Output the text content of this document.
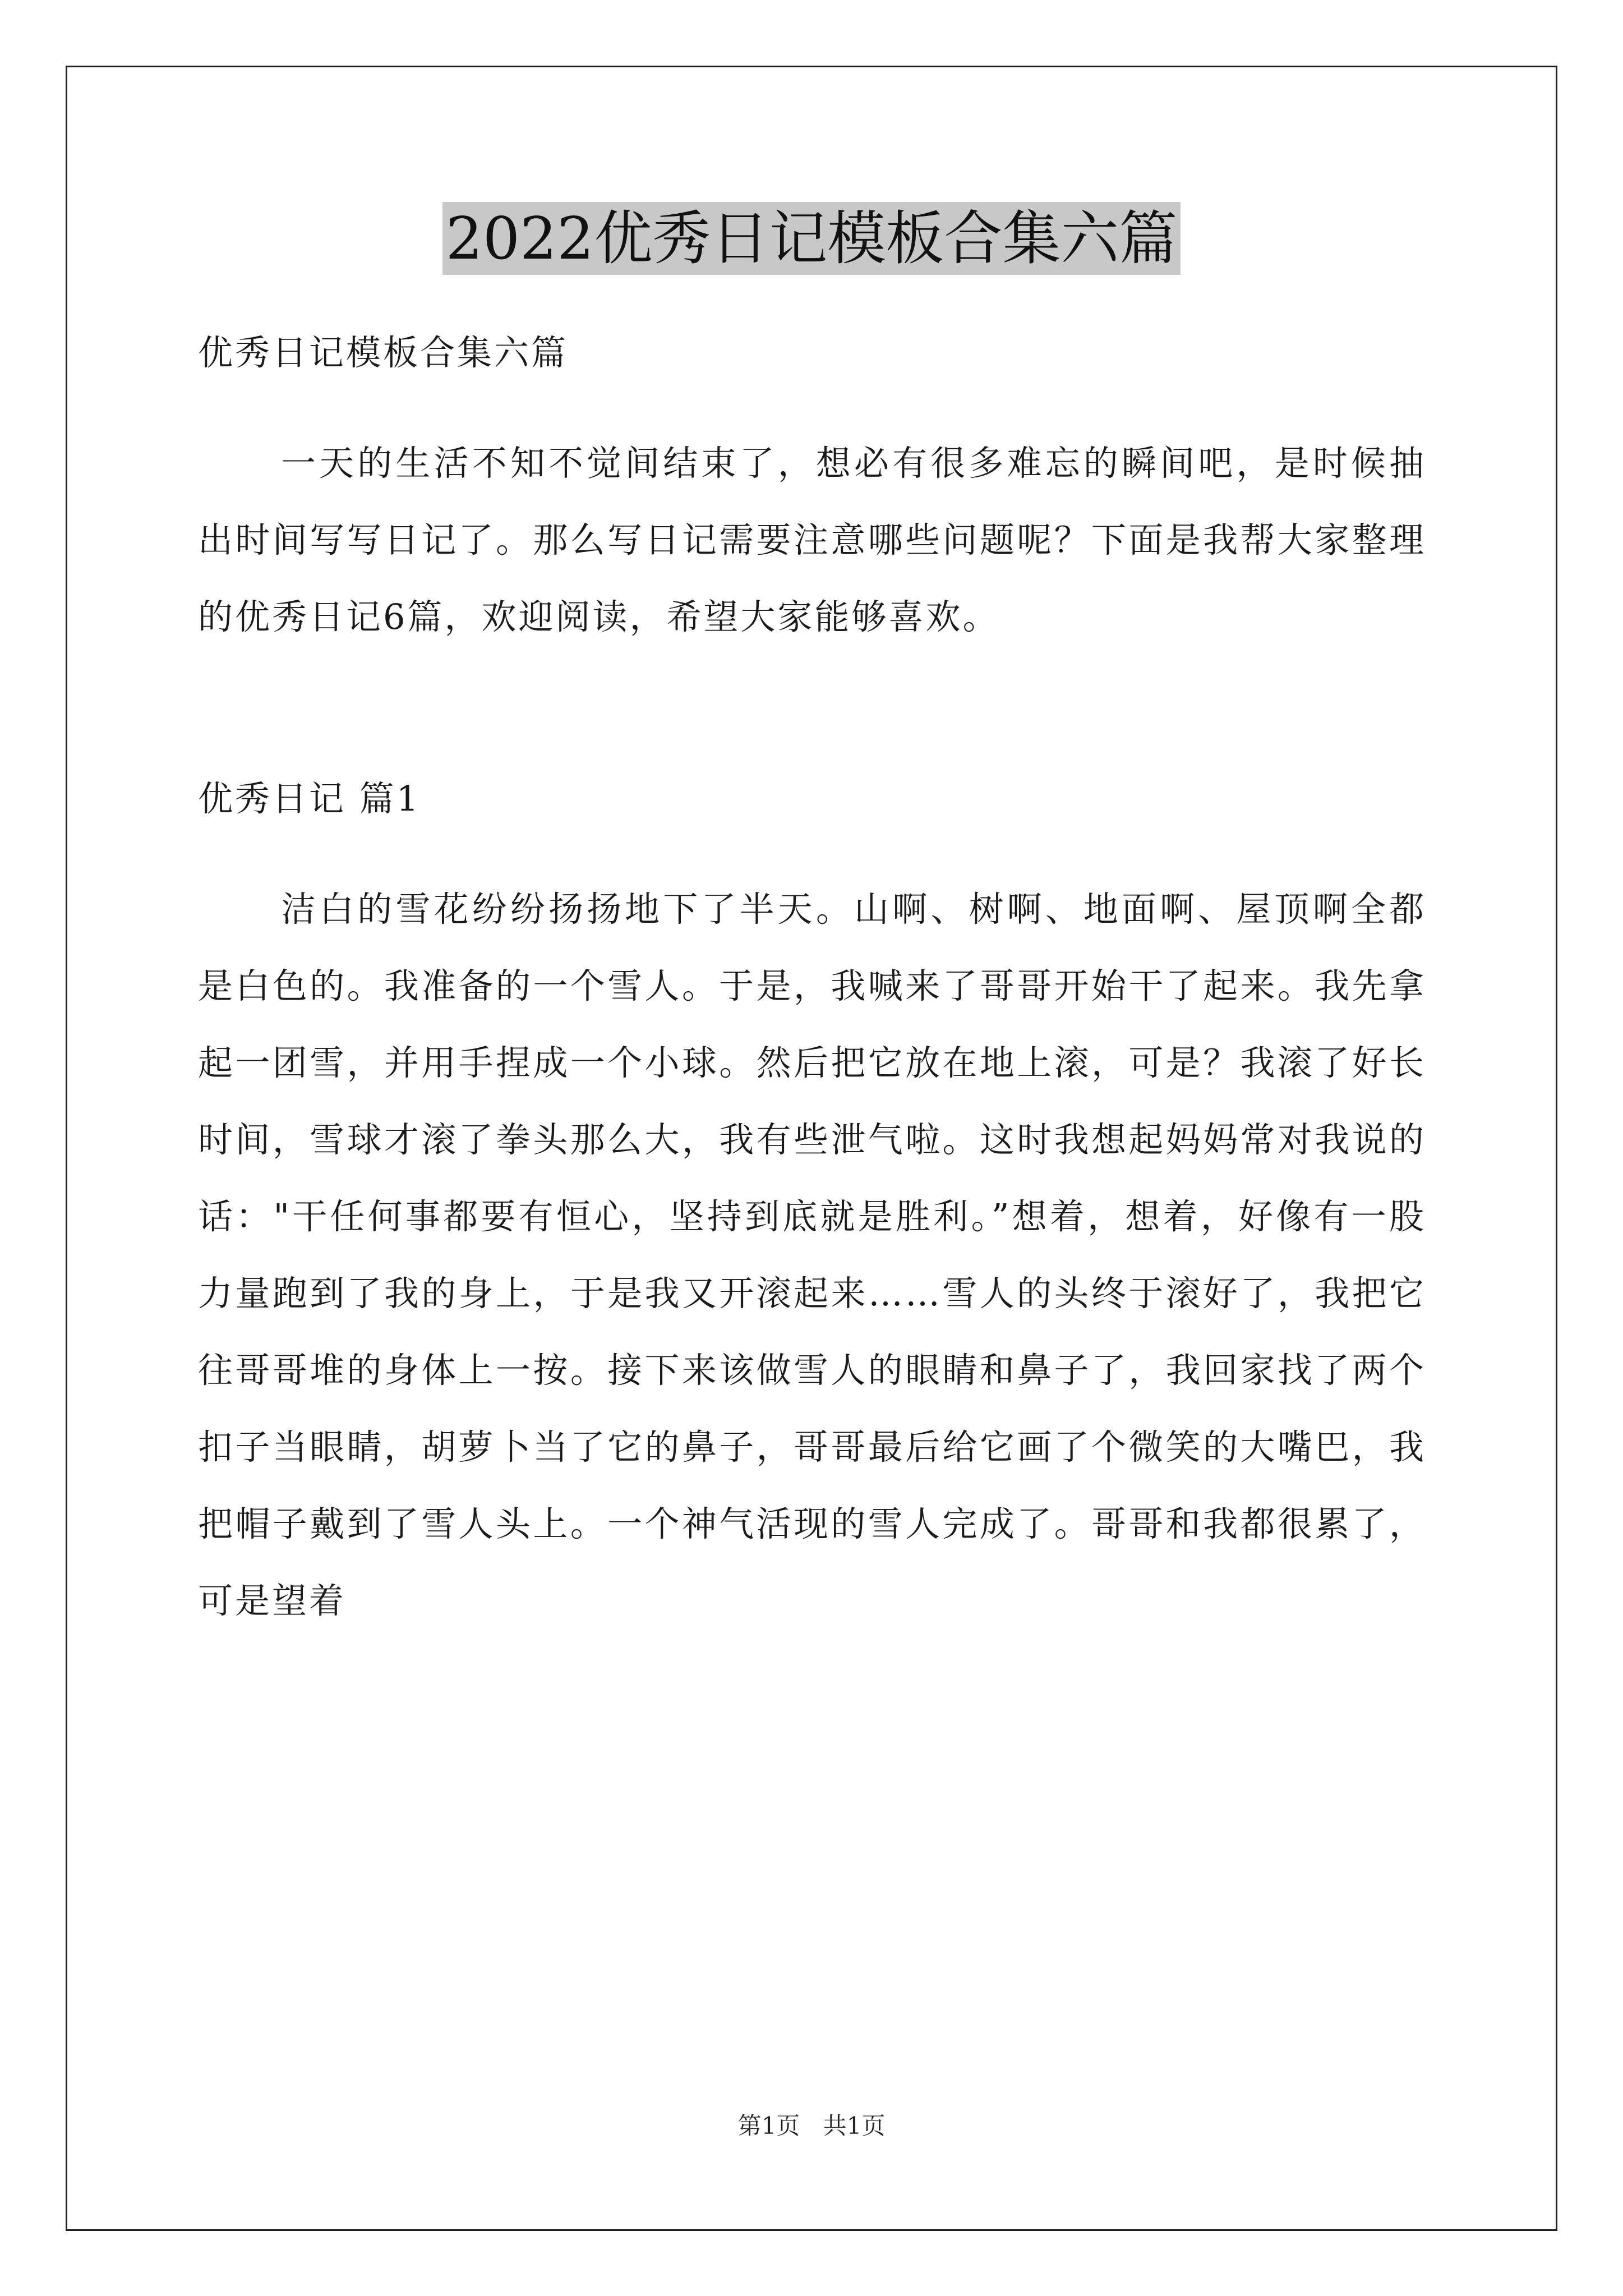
2022优秀日记模板合集六篇

优秀日记模板合集六篇

一天的生活不知不觉间结束了，想必有很多难忘的瞬间吧，是时候抽出时间写写日记了。那么写日记需要注意哪些问题呢？下面是我帮大家整理的优秀日记6篇，欢迎阅读，希望大家能够喜欢。

优秀日记 篇1

洁白的雪花纷纷扬扬地下了半天。山啊、树啊、地面啊、屋顶啊全都是白色的。我准备的一个雪人。于是，我喊来了哥哥开始干了起来。我先拿起一团雪，并用手捏成一个小球。然后把它放在地上滚，可是？我滚了好长时间，雪球才滚了拳头那么大，我有些泄气啦。这时我想起妈妈常对我说的话："干任何事都要有恒心，坚持到底就是胜利。”想着，想着，好像有一股力量跑到了我的身上，于是我又开滚起来……雪人的头终于滚好了，我把它往哥哥堆的身体上一按。接下来该做雪人的眼睛和鼻子了，我回家找了两个扣子当眼睛，胡萝卜当了它的鼻子，哥哥最后给它画了个微笑的大嘴巴，我把帽子戴到了雪人头上。一个神气活现的雪人完成了。哥哥和我都很累了，可是望着

第1页 共1页
